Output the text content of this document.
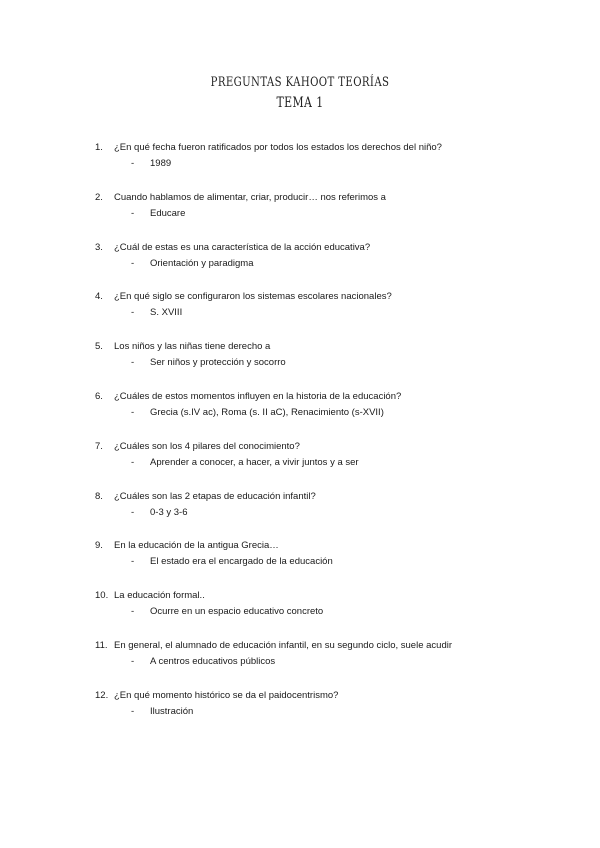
PREGUNTAS KAHOOT TEORÍAS
TEMA 1
1. ¿En qué fecha fueron ratificados por todos los estados los derechos del niño?
- 1989
2. Cuando hablamos de alimentar, criar, producir… nos referimos a
- Educare
3. ¿Cuál de estas es una característica de la acción educativa?
- Orientación y paradigma
4. ¿En qué siglo se configuraron los sistemas escolares nacionales?
- S. XVIII
5. Los niños y las niñas tiene derecho a
- Ser niños y protección y socorro
6. ¿Cuáles de estos momentos influyen en la historia de la educación?
- Grecia (s.IV ac), Roma (s. II aC), Renacimiento (s-XVII)
7. ¿Cuáles son los 4 pilares del conocimiento?
- Aprender a conocer, a hacer, a vivir juntos y a ser
8. ¿Cuáles son las 2 etapas de educación infantil?
- 0-3 y 3-6
9. En la educación de la antigua Grecia…
- El estado era el encargado de la educación
10. La educación formal..
- Ocurre en un espacio educativo concreto
11. En general, el alumnado de educación infantil, en su segundo ciclo, suele acudir
- A centros educativos públicos
12. ¿En qué momento histórico se da el paidocentrismo?
- Ilustración
